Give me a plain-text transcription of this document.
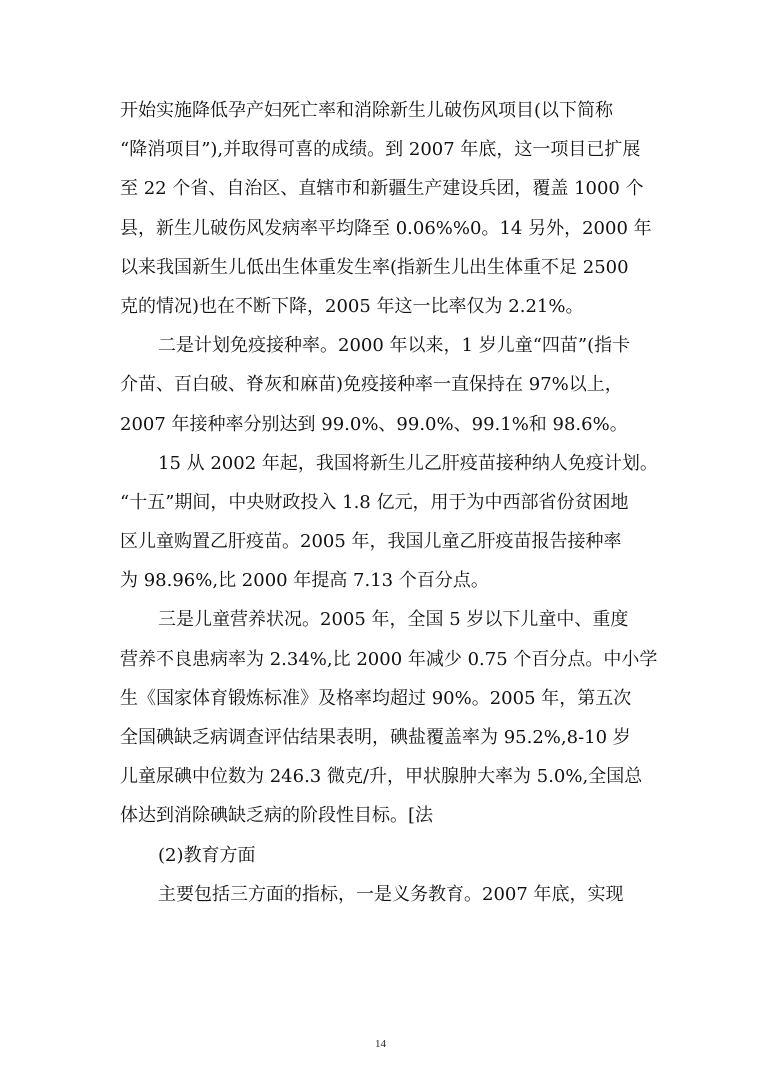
开始实施降低孕产妇死亡率和消除新生儿破伤风项目(以下简称
“降消项目”),并取得可喜的成绩。到 2007 年底，这一项目已扩展
至 22 个省、自治区、直辖市和新疆生产建设兵团，覆盖 1000 个
县，新生儿破伤风发病率平均降至 0.06%%0。14 另外，2000 年
以来我国新生儿低出生体重发生率(指新生儿出生体重不足 2500
克的情况)也在不断下降，2005 年这一比率仅为 2.21%。
二是计划免疫接种率。2000 年以来，1 岁儿童“四苗”(指卡
介苗、百白破、脊灰和麻苗)免疫接种率一直保持在 97%以上，
2007 年接种率分别达到 99.0%、99.0%、99.1%和 98.6%。
15 从 2002 年起，我国将新生儿乙肝疫苗接种纳人免疫计划。
“十五”期间，中央财政投入 1.8 亿元，用于为中西部省份贫困地
区儿童购置乙肝疫苗。2005 年，我国儿童乙肝疫苗报告接种率
为 98.96%,比 2000 年提高 7.13 个百分点。
三是儿童营养状况。2005 年，全国 5 岁以下儿童中、重度
营养不良患病率为 2.34%,比 2000 年减少 0.75 个百分点。中小学
生《国家体育锻炼标准》及格率均超过 90%。2005 年，第五次
全国碘缺乏病调查评估结果表明，碘盐覆盖率为 95.2%,8-10 岁
儿童尿碘中位数为 246.3 微克/升，甲状腺肿大率为 5.0%,全国总
体达到消除碘缺乏病的阶段性目标。[法
(2)教育方面
主要包括三方面的指标，一是义务教育。2007 年底，实现
14
